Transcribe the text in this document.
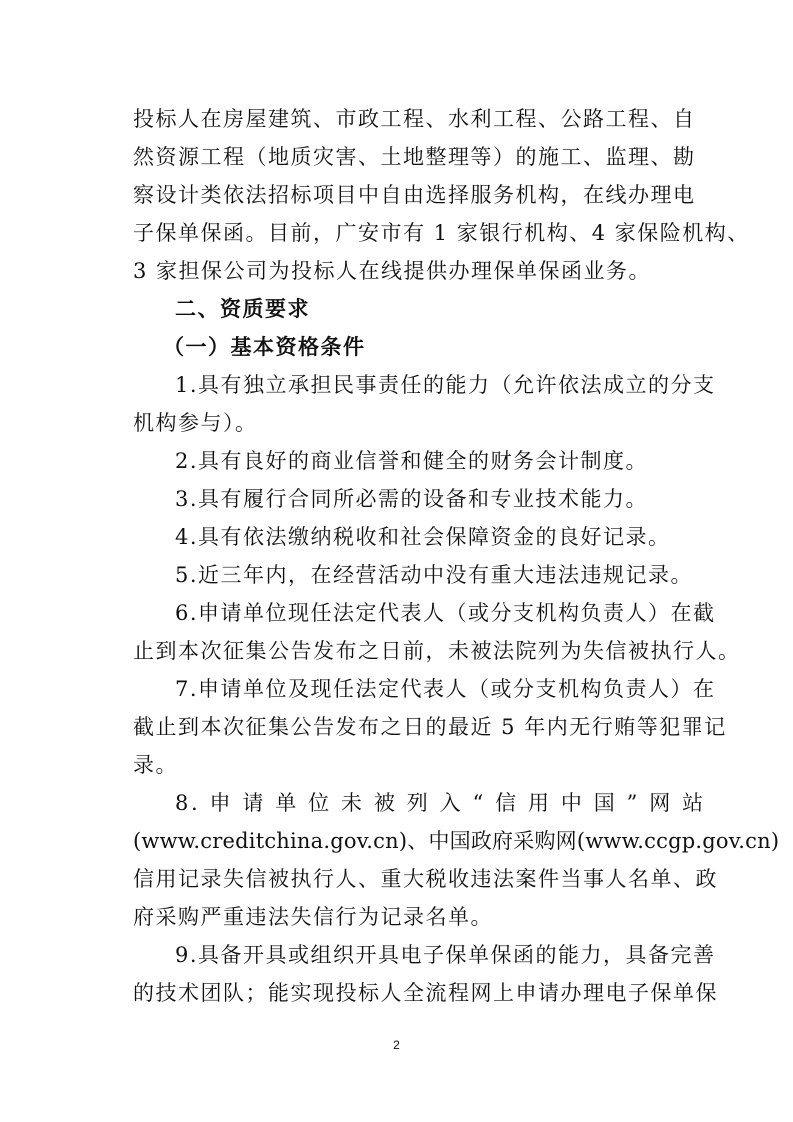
投标人在房屋建筑、市政工程、水利工程、公路工程、自
然资源工程（地质灾害、土地整理等）的施工、监理、勘
察设计类依法招标项目中自由选择服务机构，在线办理电
子保单保函。目前，广安市有 1 家银行机构、4 家保险机构、
3 家担保公司为投标人在线提供办理保单保函业务。
二、资质要求
（一）基本资格条件
1.具有独立承担民事责任的能力（允许依法成立的分支
机构参与）。
2.具有良好的商业信誉和健全的财务会计制度。
3.具有履行合同所必需的设备和专业技术能力。
4.具有依法缴纳税收和社会保障资金的良好记录。
5.近三年内，在经营活动中没有重大违法违规记录。
6.申请单位现任法定代表人（或分支机构负责人）在截
止到本次征集公告发布之日前，未被法院列为失信被执行人。
7.申请单位及现任法定代表人（或分支机构负责人）在
截止到本次征集公告发布之日的最近 5 年内无行贿等犯罪记
录。
8. 申 请 单 位 未 被 列 入 “ 信 用 中 国 ” 网 站
(www.creditchina.gov.cn)、中国政府采购网(www.ccgp.gov.cn)
信用记录失信被执行人、重大税收违法案件当事人名单、政
府采购严重违法失信行为记录名单。
9.具备开具或组织开具电子保单保函的能力，具备完善
的技术团队；能实现投标人全流程网上申请办理电子保单保
2
